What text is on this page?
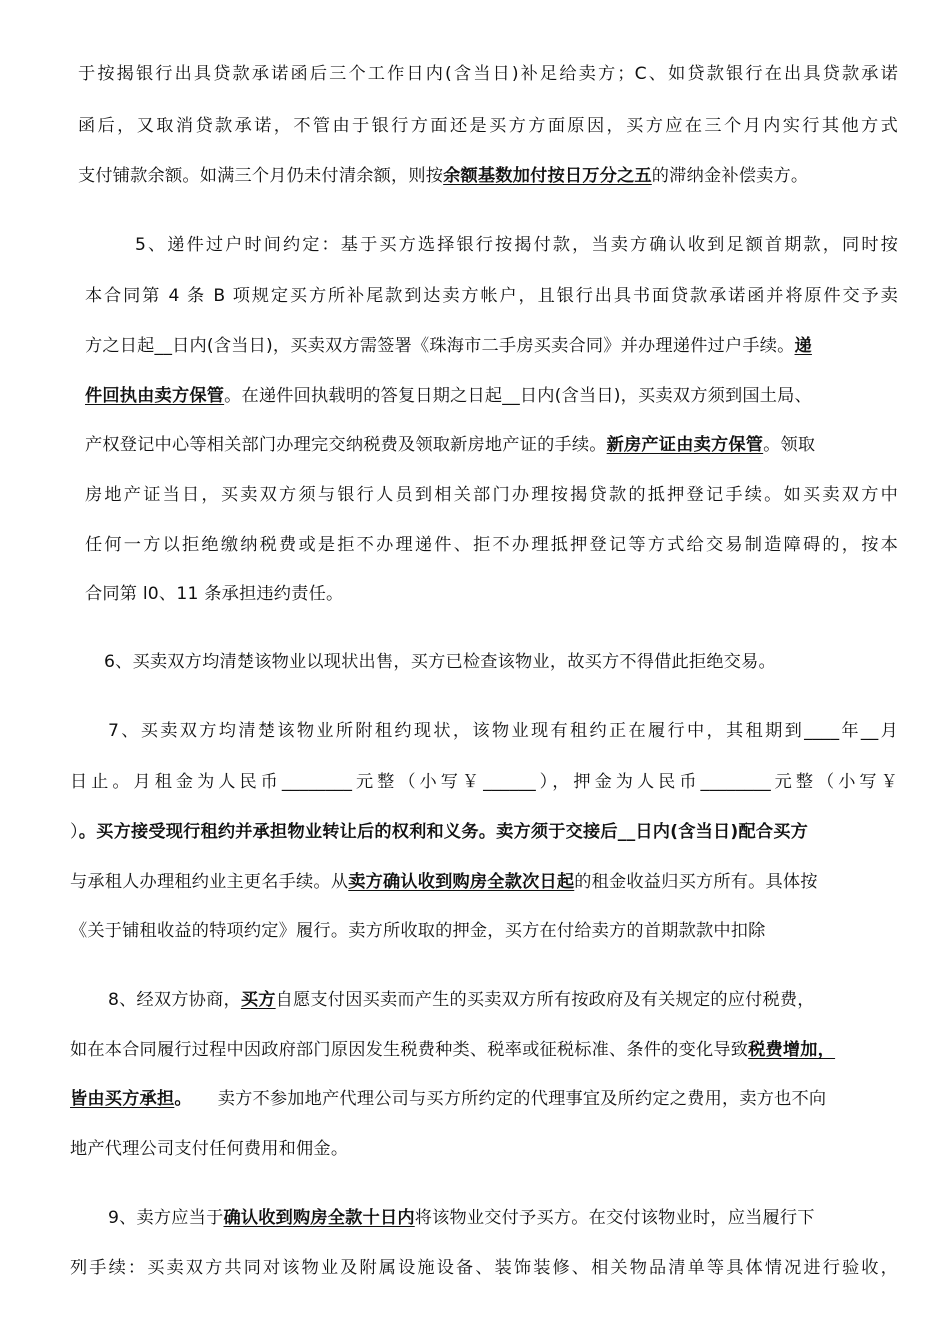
于按揭银行出具贷款承诺函后三个工作日内(含当日)补足给卖方；C、如贷款银行在出具贷款承诺
函后，又取消贷款承诺，不管由于银行方面还是买方方面原因，买方应在三个月内实行其他方式
支付铺款余额。如满三个月仍未付清余额，则按余额基数加付按日万分之五的滞纳金补偿卖方。
5、递件过户时间约定：基于买方选择银行按揭付款，当卖方确认收到足额首期款，同时按
本合同第 4 条 B 项规定买方所补尾款到达卖方帐户，且银行出具书面贷款承诺函并将原件交予卖
方之日起__日内(含当日)，买卖双方需签署《珠海市二手房买卖合同》并办理递件过户手续。递
件回执由卖方保管。在递件回执载明的答复日期之日起__日内(含当日)，买卖双方须到国土局、
产权登记中心等相关部门办理完交纳税费及领取新房地产证的手续。新房产证由卖方保管。领取
房地产证当日，买卖双方须与银行人员到相关部门办理按揭贷款的抵押登记手续。如买卖双方中
任何一方以拒绝缴纳税费或是拒不办理递件、拒不办理抵押登记等方式给交易制造障碍的，按本
合同第 l0、11 条承担违约责任。
6、买卖双方均清楚该物业以现状出售，买方已检查该物业，故买方不得借此拒绝交易。
7、买卖双方均清楚该物业所附租约现状，该物业现有租约正在履行中，其租期到____年__月
日止。月租金为人民币________元整（小写￥______），押金为人民币________元整（小写￥
）。买方接受现行租约并承担物业转让后的权利和义务。卖方须于交接后__日内(含当日)配合买方
与承租人办理租约业主更名手续。从卖方确认收到购房全款次日起的租金收益归买方所有。具体按
《关于铺租收益的特项约定》履行。卖方所收取的押金，买方在付给卖方的首期款款中扣除
8、经双方协商，买方自愿支付因买卖而产生的买卖双方所有按政府及有关规定的应付税费，
如在本合同履行过程中因政府部门原因发生税费种类、税率或征税标准、条件的变化导致税费增加，
皆由买方承担。 卖方不参加地产代理公司与买方所约定的代理事宜及所约定之费用，卖方也不向
地产代理公司支付任何费用和佣金。
9、卖方应当于确认收到购房全款十日内将该物业交付予买方。在交付该物业时，应当履行下
列手续：买卖双方共同对该物业及附属设施设备、装饰装修、相关物品清单等具体情况进行验收，
